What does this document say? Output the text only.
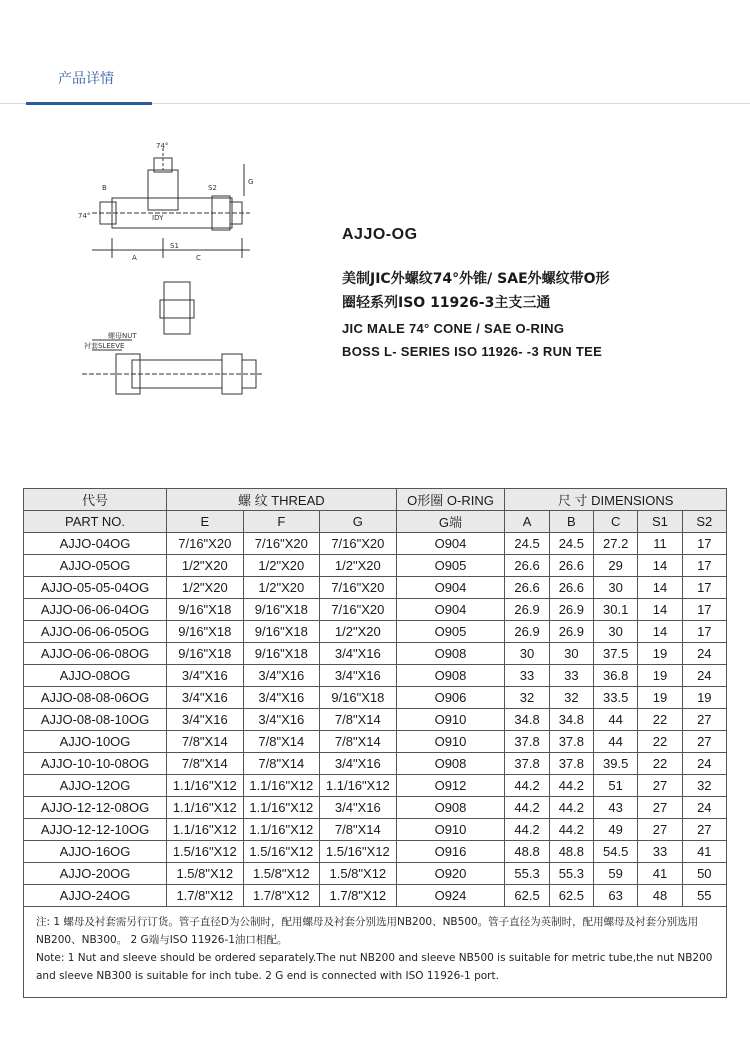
产品详情
74°
74°
S2
G
S1
A	C
B
IDY
螺母NUT
衬套SLEEVE
AJJO-OG
美制JIC外螺纹74°外锥/ SAE外螺纹带O形
圈轻系列ISO 11926-3主支三通
JIC MALE 74° CONE / SAE O-RING
BOSS L- SERIES ISO 11926- -3 RUN TEE
代号	螺 纹 THREAD			O形圈 O-RING	尺 寸 DIMENSIONS				
PART NO.	E	F	G	G端	A	B	C	S1	S2
AJJO-04OG	7/16"X20	7/16"X20	7/16"X20	O904	24.5	24.5	27.2	11	17
AJJO-05OG	1/2"X20	1/2"X20	1/2"X20	O905	26.6	26.6	29	14	17
AJJO-05-05-04OG	1/2"X20	1/2"X20	7/16"X20	O904	26.6	26.6	30	14	17
AJJO-06-06-04OG	9/16"X18	9/16"X18	7/16"X20	O904	26.9	26.9	30.1	14	17
AJJO-06-06-05OG	9/16"X18	9/16"X18	1/2"X20	O905	26.9	26.9	30	14	17
AJJO-06-06-08OG	9/16"X18	9/16"X18	3/4"X16	O908	30	30	37.5	19	24
AJJO-08OG	3/4"X16	3/4"X16	3/4"X16	O908	33	33	36.8	19	24
AJJO-08-08-06OG	3/4"X16	3/4"X16	9/16"X18	O906	32	32	33.5	19	19
AJJO-08-08-10OG	3/4"X16	3/4"X16	7/8"X14	O910	34.8	34.8	44	22	27
AJJO-10OG	7/8"X14	7/8"X14	7/8"X14	O910	37.8	37.8	44	22	27
AJJO-10-10-08OG	7/8"X14	7/8"X14	3/4"X16	O908	37.8	37.8	39.5	22	24
AJJO-12OG	1.1/16"X12	1.1/16"X12	1.1/16"X12	O912	44.2	44.2	51	27	32
AJJO-12-12-08OG	1.1/16"X12	1.1/16"X12	3/4"X16	O908	44.2	44.2	43	27	24
AJJO-12-12-10OG	1.1/16"X12	1.1/16"X12	7/8"X14	O910	44.2	44.2	49	27	27
AJJO-16OG	1.5/16"X12	1.5/16"X12	1.5/16"X12	O916	48.8	48.8	54.5	33	41
AJJO-20OG	1.5/8"X12	1.5/8"X12	1.5/8"X12	O920	55.3	55.3	59	41	50
AJJO-24OG	1.7/8"X12	1.7/8"X12	1.7/8"X12	O924	62.5	62.5	63	48	55

注: 1 螺母及衬套需另行订货。管子直径D为公制时，配用螺母及衬套分别选用NB200、NB500。管子直径为英制时，配用螺母及衬套分别选用

NB200、NB300。 2 G端与ISO 11926-1油口相配。

Note: 1 Nut and sleeve should be ordered separately.The nut NB200 and sleeve NB500 is suitable for metric tube,the nut NB200

and sleeve NB300 is suitable for inch tube. 2 G end is connected with ISO 11926-1 port.
